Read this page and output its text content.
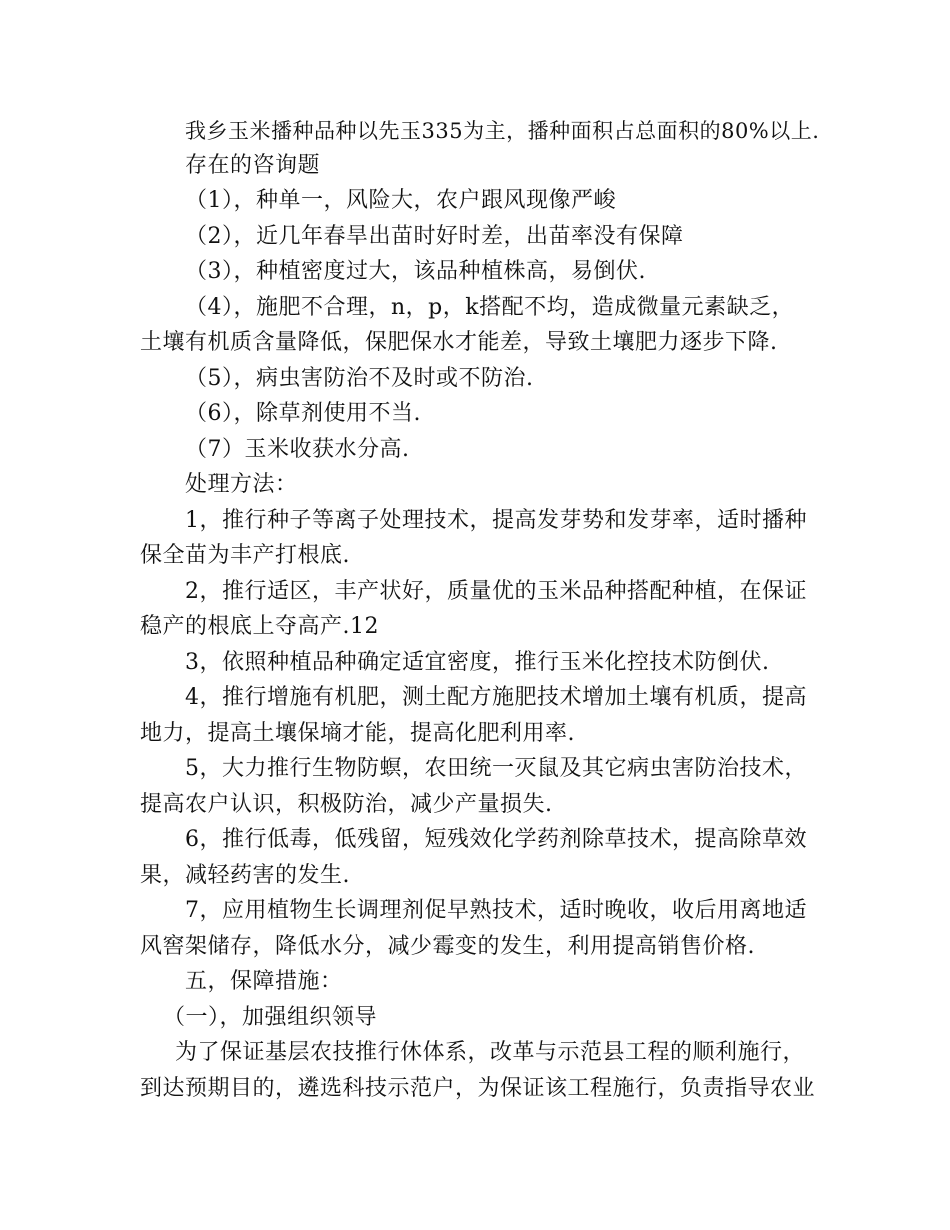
我乡玉米播种品种以先玉335为主，播种面积占总面积的80%以上.
存在的咨询题
（1），种单一，风险大，农户跟风现像严峻
（2），近几年春旱出苗时好时差，出苗率没有保障
（3），种植密度过大，该品种植株高，易倒伏.
（4），施肥不合理，n，p，k搭配不均，造成微量元素缺乏，
土壤有机质含量降低，保肥保水才能差，导致土壤肥力逐步下降.
（5），病虫害防治不及时或不防治.
（6），除草剂使用不当.
（7）玉米收获水分高.
处理方法：
1，推行种子等离子处理技术，提高发芽势和发芽率，适时播种
保全苗为丰产打根底.
2，推行适区，丰产状好，质量优的玉米品种搭配种植，在保证
稳产的根底上夺高产.12
3，依照种植品种确定适宜密度，推行玉米化控技术防倒伏.
4，推行增施有机肥，测土配方施肥技术增加土壤有机质，提高
地力，提高土壤保墒才能，提高化肥利用率.
5，大力推行生物防螟，农田统一灭鼠及其它病虫害防治技术，
提高农户认识，积极防治，减少产量损失.
6，推行低毒，低残留，短残效化学药剂除草技术，提高除草效
果，减轻药害的发生.
7，应用植物生长调理剂促早熟技术，适时晚收，收后用离地适
风窖架储存，降低水分，减少霉变的发生，利用提高销售价格.
五，保障措施：
（一），加强组织领导
为了保证基层农技推行休体系，改革与示范县工程的顺利施行，
到达预期目的，遴选科技示范户，为保证该工程施行，负责指导农业
